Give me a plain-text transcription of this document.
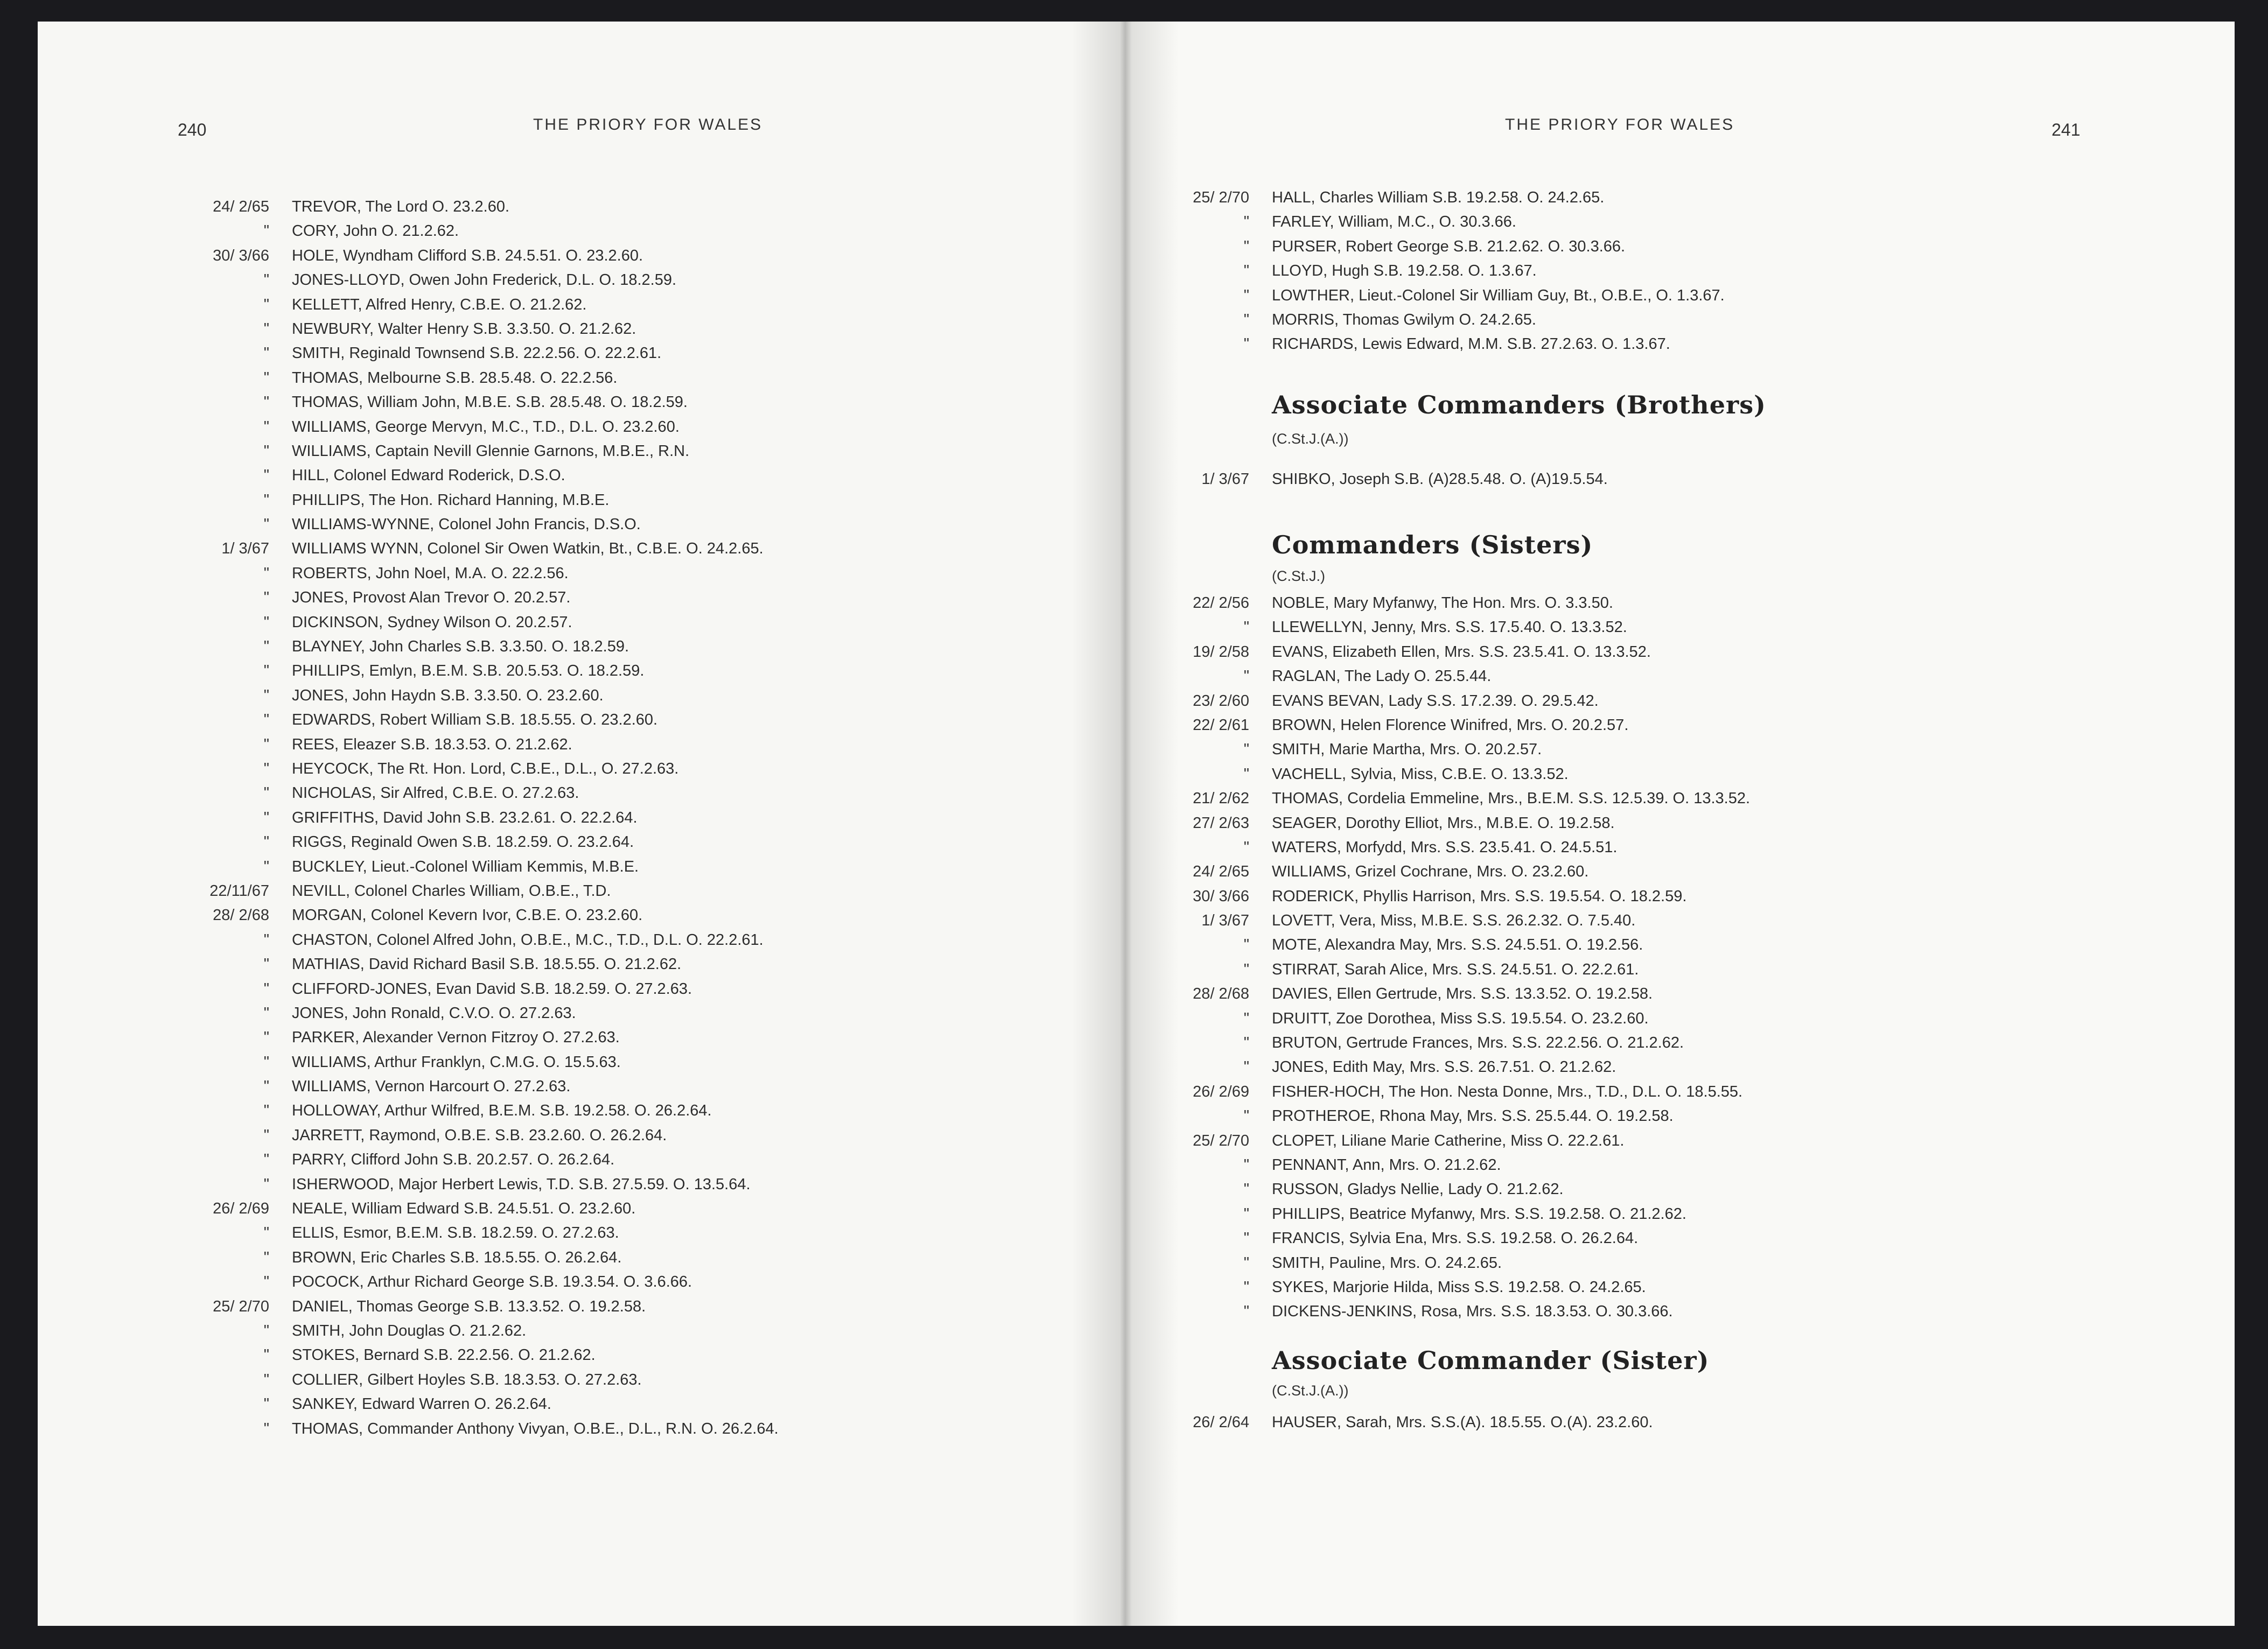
240	THE PRIORY FOR WALES	THE PRIORY FOR WALES	241
24/ 2/65 TREVOR, The Lord O. 23.2.60.
" CORY, John O. 21.2.62.
30/ 3/66 HOLE, Wyndham Clifford S.B. 24.5.51. O. 23.2.60.
" JONES-LLOYD, Owen John Frederick, D.L. O. 18.2.59.
" KELLETT, Alfred Henry, C.B.E. O. 21.2.62.
" NEWBURY, Walter Henry S.B. 3.3.50. O. 21.2.62.
" SMITH, Reginald Townsend S.B. 22.2.56. O. 22.2.61.
" THOMAS, Melbourne S.B. 28.5.48. O. 22.2.56.
" THOMAS, William John, M.B.E. S.B. 28.5.48. O. 18.2.59.
" WILLIAMS, George Mervyn, M.C., T.D., D.L. O. 23.2.60.
" WILLIAMS, Captain Nevill Glennie Garnons, M.B.E., R.N.
" HILL, Colonel Edward Roderick, D.S.O.
" PHILLIPS, The Hon. Richard Hanning, M.B.E.
" WILLIAMS-WYNNE, Colonel John Francis, D.S.O.
1/ 3/67 WILLIAMS WYNN, Colonel Sir Owen Watkin, Bt., C.B.E. O. 24.2.65.
" ROBERTS, John Noel, M.A. O. 22.2.56.
" JONES, Provost Alan Trevor O. 20.2.57.
" DICKINSON, Sydney Wilson O. 20.2.57.
" BLAYNEY, John Charles S.B. 3.3.50. O. 18.2.59.
" PHILLIPS, Emlyn, B.E.M. S.B. 20.5.53. O. 18.2.59.
" JONES, John Haydn S.B. 3.3.50. O. 23.2.60.
" EDWARDS, Robert William S.B. 18.5.55. O. 23.2.60.
" REES, Eleazer S.B. 18.3.53. O. 21.2.62.
" HEYCOCK, The Rt. Hon. Lord, C.B.E., D.L., O. 27.2.63.
" NICHOLAS, Sir Alfred, C.B.E. O. 27.2.63.
" GRIFFITHS, David John S.B. 23.2.61. O. 22.2.64.
" RIGGS, Reginald Owen S.B. 18.2.59. O. 23.2.64.
" BUCKLEY, Lieut.-Colonel William Kemmis, M.B.E.
22/11/67 NEVILL, Colonel Charles William, O.B.E., T.D.
28/ 2/68 MORGAN, Colonel Kevern Ivor, C.B.E. O. 23.2.60.
" CHASTON, Colonel Alfred John, O.B.E., M.C., T.D., D.L. O. 22.2.61.
" MATHIAS, David Richard Basil S.B. 18.5.55. O. 21.2.62.
" CLIFFORD-JONES, Evan David S.B. 18.2.59. O. 27.2.63.
" JONES, John Ronald, C.V.O. O. 27.2.63.
" PARKER, Alexander Vernon Fitzroy O. 27.2.63.
" WILLIAMS, Arthur Franklyn, C.M.G. O. 15.5.63.
" WILLIAMS, Vernon Harcourt O. 27.2.63.
" HOLLOWAY, Arthur Wilfred, B.E.M. S.B. 19.2.58. O. 26.2.64.
" JARRETT, Raymond, O.B.E. S.B. 23.2.60. O. 26.2.64.
" PARRY, Clifford John S.B. 20.2.57. O. 26.2.64.
" ISHERWOOD, Major Herbert Lewis, T.D. S.B. 27.5.59. O. 13.5.64.
26/ 2/69 NEALE, William Edward S.B. 24.5.51. O. 23.2.60.
" ELLIS, Esmor, B.E.M. S.B. 18.2.59. O. 27.2.63.
" BROWN, Eric Charles S.B. 18.5.55. O. 26.2.64.
" POCOCK, Arthur Richard George S.B. 19.3.54. O. 3.6.66.
25/ 2/70 DANIEL, Thomas George S.B. 13.3.52. O. 19.2.58.
" SMITH, John Douglas O. 21.2.62.
" STOKES, Bernard S.B. 22.2.56. O. 21.2.62.
" COLLIER, Gilbert Hoyles S.B. 18.3.53. O. 27.2.63.
" SANKEY, Edward Warren O. 26.2.64.
" THOMAS, Commander Anthony Vivyan, O.B.E., D.L., R.N. O. 26.2.64.
25/ 2/70 HALL, Charles William S.B. 19.2.58. O. 24.2.65.
" FARLEY, William, M.C., O. 30.3.66.
" PURSER, Robert George S.B. 21.2.62. O. 30.3.66.
" LLOYD, Hugh S.B. 19.2.58. O. 1.3.67.
" LOWTHER, Lieut.-Colonel Sir William Guy, Bt., O.B.E., O. 1.3.67.
" MORRIS, Thomas Gwilym O. 24.2.65.
" RICHARDS, Lewis Edward, M.M. S.B. 27.2.63. O. 1.3.67.
Associate Commanders (Brothers)
(C.St.J.(A.))
1/ 3/67 SHIBKO, Joseph S.B. (A)28.5.48. O. (A)19.5.54.
Commanders (Sisters)
(C.St.J.)
22/ 2/56 NOBLE, Mary Myfanwy, The Hon. Mrs. O. 3.3.50.
" LLEWELLYN, Jenny, Mrs. S.S. 17.5.40. O. 13.3.52.
19/ 2/58 EVANS, Elizabeth Ellen, Mrs. S.S. 23.5.41. O. 13.3.52.
" RAGLAN, The Lady O. 25.5.44.
23/ 2/60 EVANS BEVAN, Lady S.S. 17.2.39. O. 29.5.42.
22/ 2/61 BROWN, Helen Florence Winifred, Mrs. O. 20.2.57.
" SMITH, Marie Martha, Mrs. O. 20.2.57.
" VACHELL, Sylvia, Miss, C.B.E. O. 13.3.52.
21/ 2/62 THOMAS, Cordelia Emmeline, Mrs., B.E.M. S.S. 12.5.39. O. 13.3.52.
27/ 2/63 SEAGER, Dorothy Elliot, Mrs., M.B.E. O. 19.2.58.
" WATERS, Morfydd, Mrs. S.S. 23.5.41. O. 24.5.51.
24/ 2/65 WILLIAMS, Grizel Cochrane, Mrs. O. 23.2.60.
30/ 3/66 RODERICK, Phyllis Harrison, Mrs. S.S. 19.5.54. O. 18.2.59.
1/ 3/67 LOVETT, Vera, Miss, M.B.E. S.S. 26.2.32. O. 7.5.40.
" MOTE, Alexandra May, Mrs. S.S. 24.5.51. O. 19.2.56.
" STIRRAT, Sarah Alice, Mrs. S.S. 24.5.51. O. 22.2.61.
28/ 2/68 DAVIES, Ellen Gertrude, Mrs. S.S. 13.3.52. O. 19.2.58.
" DRUITT, Zoe Dorothea, Miss S.S. 19.5.54. O. 23.2.60.
" BRUTON, Gertrude Frances, Mrs. S.S. 22.2.56. O. 21.2.62.
" JONES, Edith May, Mrs. S.S. 26.7.51. O. 21.2.62.
26/ 2/69 FISHER-HOCH, The Hon. Nesta Donne, Mrs., T.D., D.L. O. 18.5.55.
" PROTHEROE, Rhona May, Mrs. S.S. 25.5.44. O. 19.2.58.
25/ 2/70 CLOPET, Liliane Marie Catherine, Miss O. 22.2.61.
" PENNANT, Ann, Mrs. O. 21.2.62.
" RUSSON, Gladys Nellie, Lady O. 21.2.62.
" PHILLIPS, Beatrice Myfanwy, Mrs. S.S. 19.2.58. O. 21.2.62.
" FRANCIS, Sylvia Ena, Mrs. S.S. 19.2.58. O. 26.2.64.
" SMITH, Pauline, Mrs. O. 24.2.65.
" SYKES, Marjorie Hilda, Miss S.S. 19.2.58. O. 24.2.65.
" DICKENS-JENKINS, Rosa, Mrs. S.S. 18.3.53. O. 30.3.66.
Associate Commander (Sister)
(C.St.J.(A.))
26/ 2/64 HAUSER, Sarah, Mrs. S.S.(A). 18.5.55. O.(A). 23.2.60.
